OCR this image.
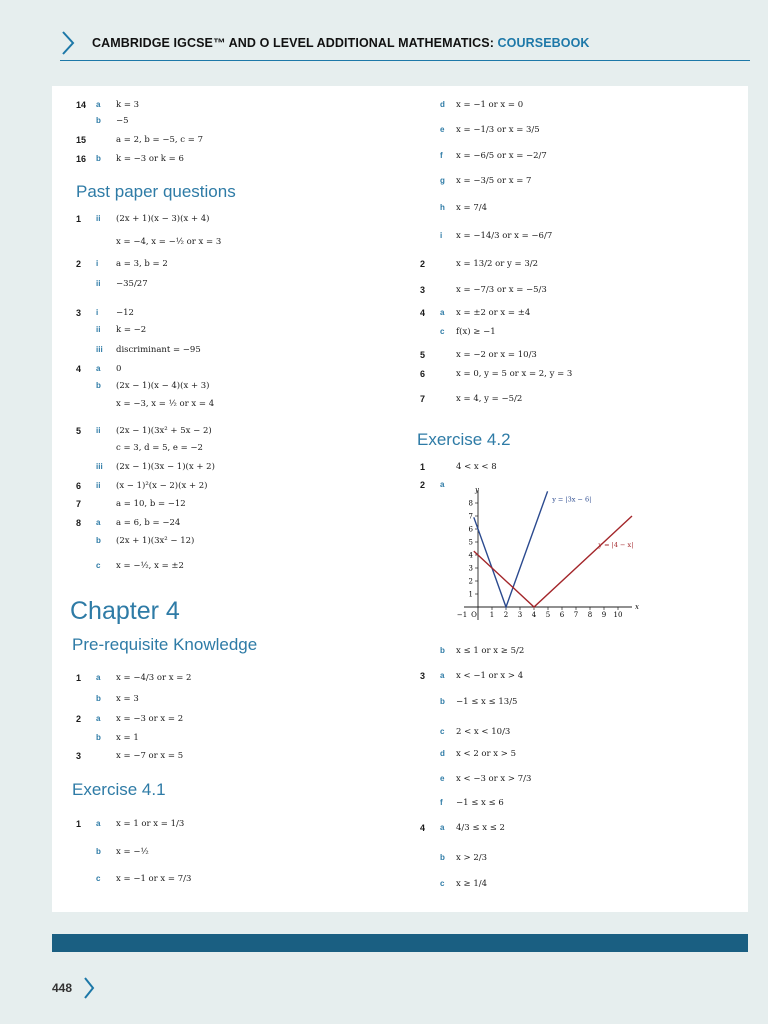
CAMBRIDGE IGCSE™ AND O LEVEL ADDITIONAL MATHEMATICS: COURSEBOOK
Past paper questions
Chapter 4
Pre-requisite Knowledge
Exercise 4.1
Exercise 4.2
14 a k = 3
b −5
15	a = 2, b = −5, c = 7
16 b k = −3 or k = 6
1 ii (2x + 1)(x − 3)(x + 4)
x = −4, x = −½ or x = 3
2 i a = 3, b = 2
ii −35/27
3 i −12
ii k = −2
iii discriminant = −95
4 a 0
b (2x − 1)(x − 4)(x + 3)
x = −3, x = ½ or x = 4
5 ii (2x − 1)(3x² + 5x − 2)
c = 3, d = 5, e = −2
iii (2x − 1)(3x − 1)(x + 2)
6 ii (x − 1)²(x − 2)(x + 2)
7	a = 10, b = −12
8 a a = 6, b = −24
b (2x + 1)(3x² − 12)
c x = −½, x = ±2
1 a x = −4/3 or x = 2
b x = 3
2 a x = −3 or x = 2
b x = 1
3	x = −7 or x = 5
1 a x = 1 or x = 1/3
b x = −½
c x = −1 or x = 7/3
d x = −1 or x = 0
e x = −1/3 or x = 3/5
f x = −6/5 or x = −2/7
g x = −3/5 or x = 7
h x = 7/4
i x = −14/3 or x = −6/7
2	x = 13/2 or y = 3/2
3	x = −7/3 or x = −5/3
4 a x = ±2 or x = ±4
c f(x) ≥ −1
5	x = −2 or x = 10/3
6	x = 0, y = 5 or x = 2, y = 3
7	x = 4, y = −5/2
1	4 < x < 8
2 a
b x ≤ 1 or x ≥ 5/2
3 a x < −1 or x > 4
b −1 ≤ x ≤ 13/5
c 2 < x < 10/3
d x < 2 or x > 5
e x < −3 or x > 7/3
f −1 ≤ x ≤ 6
4 a 4/3 ≤ x ≤ 2
b x > 2/3
c x ≥ 1/4
1 2 3 4 5 6 7 8 9 10
1
2
3
4
5
6
7
8
O
−1
y
x
y = |3x − 6|
y = |4 − x|
448
